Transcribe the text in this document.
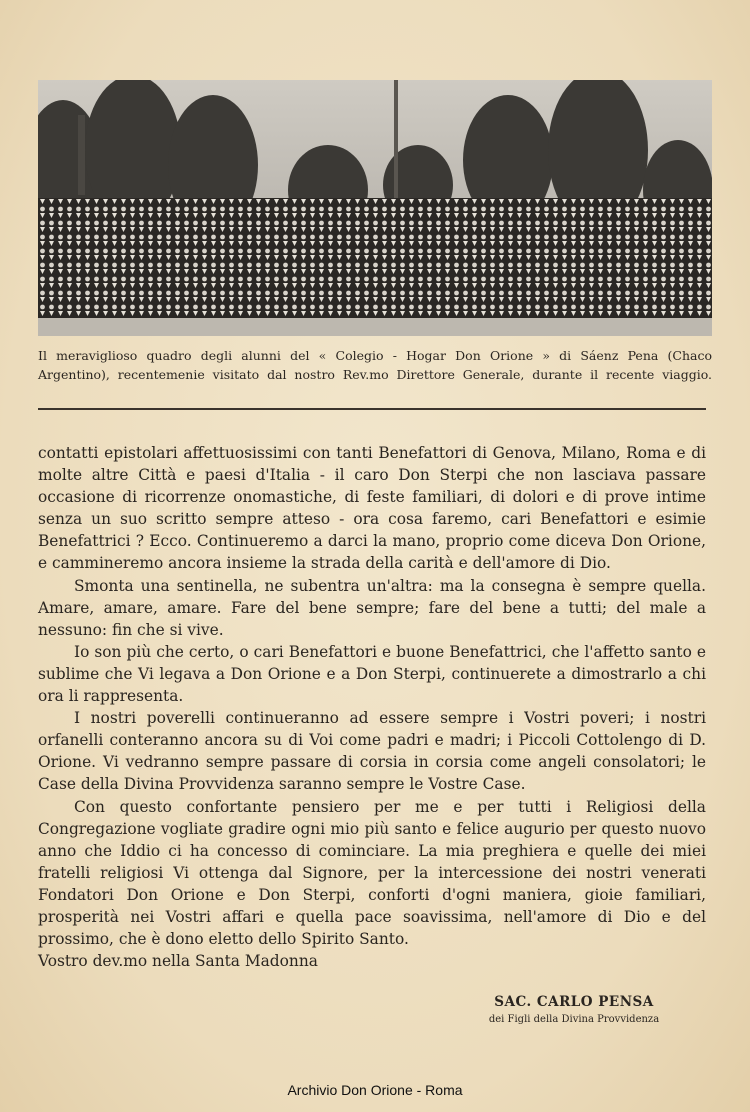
Il meraviglioso quadro degli alunni del « Colegio - Hogar Don Orione » di Sáenz Pena (Chaco
Argentino), recentemenie visitato dal nostro Rev.mo Direttore Generale, durante il recente viaggio.

contatti epistolari affettuosissimi con tanti Benefattori di Genova, Milano, Roma e di molte altre Città e paesi d'Italia - il caro Don Sterpi che non lasciava passare occasione di ricorrenze onomastiche, di feste familiari, di dolori e di prove intime senza un suo scritto sempre atteso - ora cosa faremo, cari Benefattori e esimie Benefattrici ? Ecco. Continueremo a darci la mano, proprio come diceva Don Orione, e cammineremo ancora insieme la strada della carità e dell'amore di Dio.

Smonta una sentinella, ne subentra un'altra: ma la consegna è sempre quella. Amare, amare, amare. Fare del bene sempre; fare del bene a tutti; del male a nessuno: fin che si vive.

Io son più che certo, o cari Benefattori e buone Benefattrici, che l'affetto santo e sublime che Vi legava a Don Orione e a Don Sterpi, continuerete a dimostrarlo a chi ora li rappresenta.

I nostri poverelli continueranno ad essere sempre i Vostri poveri; i nostri orfanelli conteranno ancora su di Voi come padri e madri; i Piccoli Cottolengo di D. Orione. Vi vedranno sempre passare di corsia in corsia come angeli consolatori; le Case della Divina Provvidenza saranno sempre le Vostre Case.

Con questo confortante pensiero per me e per tutti i Religiosi della Congregazione vogliate gradire ogni mio più santo e felice augurio per questo nuovo anno che Iddio ci ha concesso di cominciare. La mia preghiera e quelle dei miei fratelli religiosi Vi ottenga dal Signore, per la intercessione dei nostri venerati Fondatori Don Orione e Don Sterpi, conforti d'ogni maniera, gioie familiari, prosperità nei Vostri affari e quella pace soavissima, nell'amore di Dio e del prossimo, che è dono eletto dello Spirito Santo.

Vostro dev.mo nella Santa Madonna

SAC. CARLO PENSA
dei Figli della Divina Provvidenza
Archivio Don Orione - Roma
